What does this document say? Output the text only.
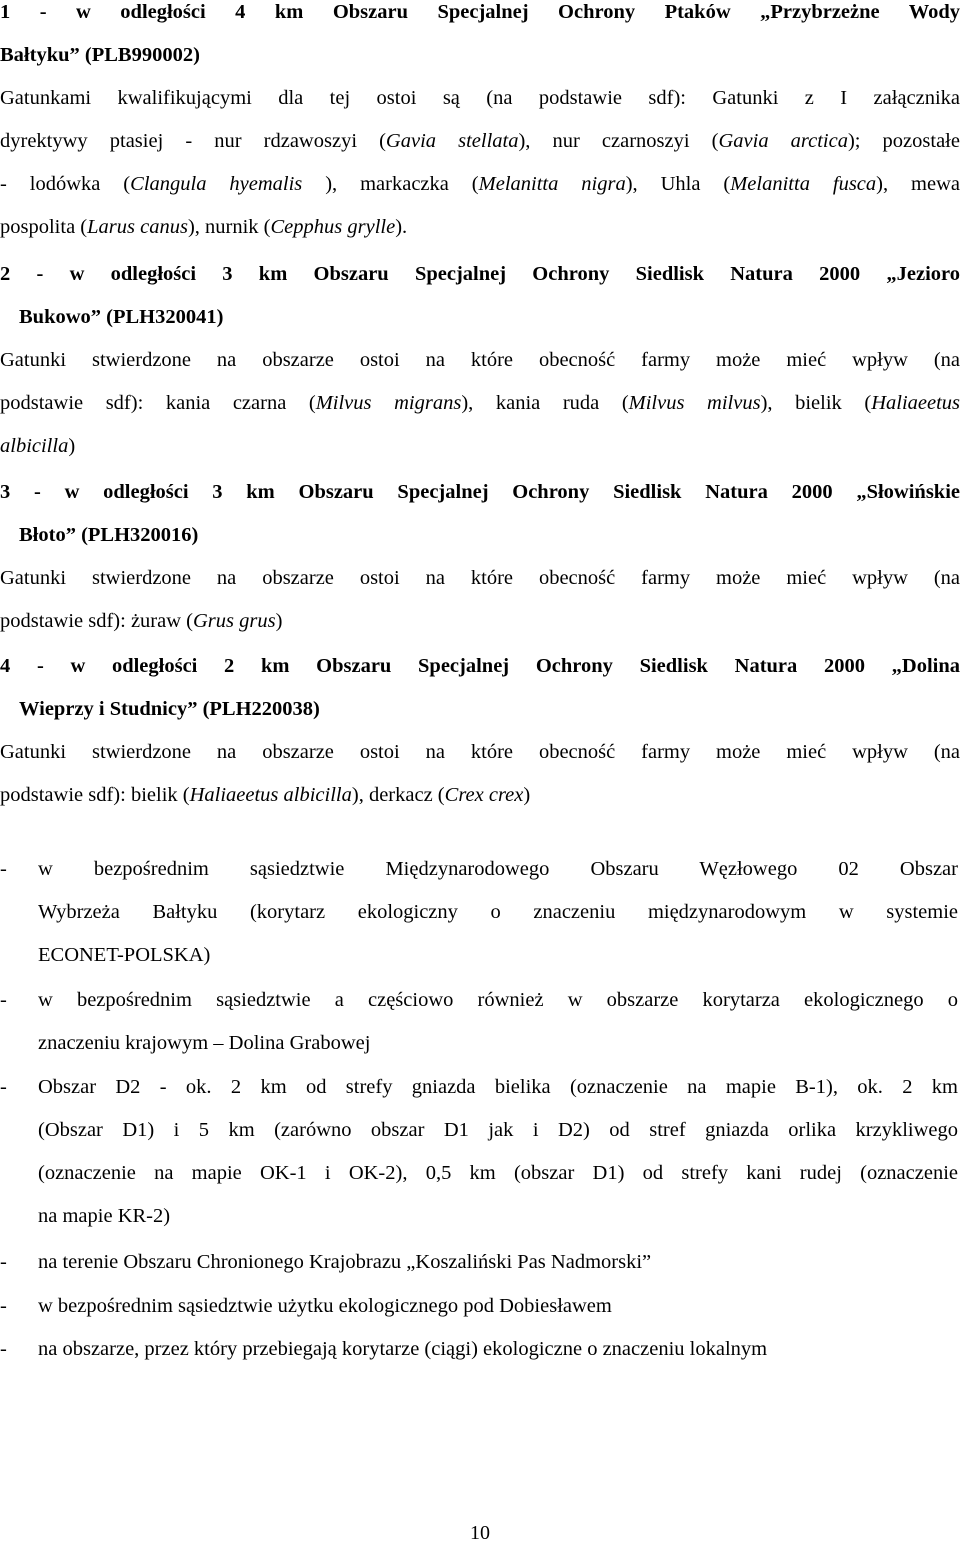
1 - w odległości 4 km Obszaru Specjalnej Ochrony Ptaków „Przybrzeżne Wody
Bałtyku” (PLB990002)
Gatunkami kwalifikującymi dla tej ostoi są (na podstawie sdf): Gatunki z I załącznika
dyrektywy ptasiej - nur rdzawoszyi (Gavia stellata), nur czarnoszyi (Gavia arctica); pozostałe
- lodówka (Clangula hyemalis ), markaczka (Melanitta nigra), Uhla (Melanitta fusca), mewa
pospolita (Larus canus), nurnik (Cepphus grylle).
2 - w odległości 3 km Obszaru Specjalnej Ochrony Siedlisk Natura 2000 „Jezioro
Bukowo” (PLH320041)
Gatunki stwierdzone na obszarze ostoi na które obecność farmy może mieć wpływ (na
podstawie sdf): kania czarna (Milvus migrans), kania ruda (Milvus milvus), bielik (Haliaeetus
albicilla)
3 - w odległości 3 km Obszaru Specjalnej Ochrony Siedlisk Natura 2000 „Słowińskie
Błoto” (PLH320016)
Gatunki stwierdzone na obszarze ostoi na które obecność farmy może mieć wpływ (na
podstawie sdf): żuraw (Grus grus)
4 - w odległości 2 km Obszaru Specjalnej Ochrony Siedlisk Natura 2000 „Dolina
Wieprzy i Studnicy” (PLH220038)
Gatunki stwierdzone na obszarze ostoi na które obecność farmy może mieć wpływ (na
podstawie sdf): bielik (Haliaeetus albicilla), derkacz (Crex crex)
- w bezpośrednim sąsiedztwie Międzynarodowego Obszaru Węzłowego 02 Obszar
Wybrzeża Bałtyku (korytarz ekologiczny o znaczeniu międzynarodowym w systemie
ECONET-POLSKA)
- w bezpośrednim sąsiedztwie a częściowo również w obszarze korytarza ekologicznego o
znaczeniu krajowym – Dolina Grabowej
- Obszar D2 - ok. 2 km od strefy gniazda bielika (oznaczenie na mapie B-1), ok. 2 km
(Obszar D1) i 5 km (zarówno obszar D1 jak i D2) od stref gniazda orlika krzykliwego
(oznaczenie na mapie OK-1 i OK-2), 0,5 km (obszar D1) od strefy kani rudej (oznaczenie
na mapie KR-2)
- na terenie Obszaru Chronionego Krajobrazu „Koszaliński Pas Nadmorski”
- w bezpośrednim sąsiedztwie użytku ekologicznego pod Dobiesławem
- na obszarze, przez który przebiegają korytarze (ciągi) ekologiczne o znaczeniu lokalnym
10
